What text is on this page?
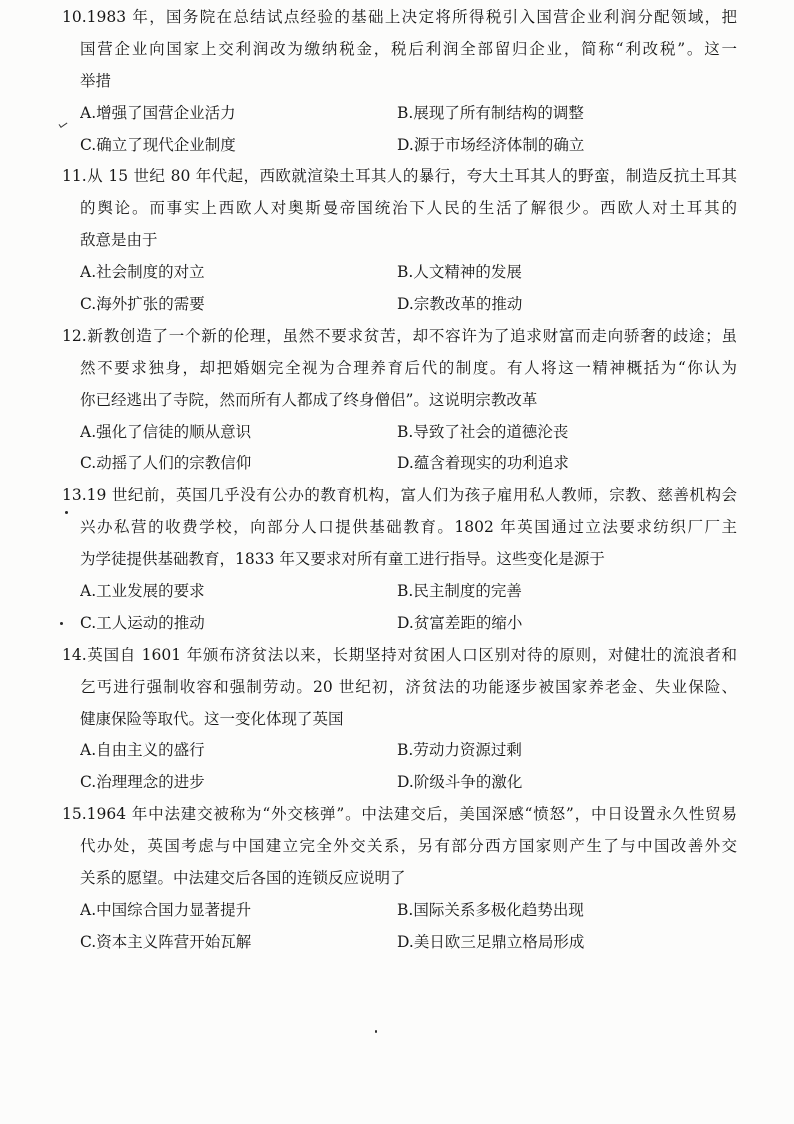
10.1983 年，国务院在总结试点经验的基础上决定将所得税引入国营企业利润分配领域，把
国营企业向国家上交利润改为缴纳税金，税后利润全部留归企业，简称“利改税”。这一
举措
A.增强了国营企业活力	B.展现了所有制结构的调整
C.确立了现代企业制度	D.源于市场经济体制的确立
11.从 15 世纪 80 年代起，西欧就渲染土耳其人的暴行，夸大土耳其人的野蛮，制造反抗土耳其
的舆论。而事实上西欧人对奥斯曼帝国统治下人民的生活了解很少。西欧人对土耳其的
敌意是由于
A.社会制度的对立	B.人文精神的发展
C.海外扩张的需要	D.宗教改革的推动
12.新教创造了一个新的伦理，虽然不要求贫苦，却不容许为了追求财富而走向骄奢的歧途；虽
然不要求独身，却把婚姻完全视为合理养育后代的制度。有人将这一精神概括为“你认为
你已经逃出了寺院，然而所有人都成了终身僧侣”。这说明宗教改革
A.强化了信徒的顺从意识	B.导致了社会的道德沦丧
C.动摇了人们的宗教信仰	D.蕴含着现实的功利追求
13.19 世纪前，英国几乎没有公办的教育机构，富人们为孩子雇用私人教师，宗教、慈善机构会
兴办私营的收费学校，向部分人口提供基础教育。1802 年英国通过立法要求纺织厂厂主
为学徒提供基础教育，1833 年又要求对所有童工进行指导。这些变化是源于
A.工业发展的要求	B.民主制度的完善
C.工人运动的推动	D.贫富差距的缩小
14.英国自 1601 年颁布济贫法以来，长期坚持对贫困人口区别对待的原则，对健壮的流浪者和
乞丐进行强制收容和强制劳动。20 世纪初，济贫法的功能逐步被国家养老金、失业保险、
健康保险等取代。这一变化体现了英国
A.自由主义的盛行	B.劳动力资源过剩
C.治理理念的进步	D.阶级斗争的激化
15.1964 年中法建交被称为“外交核弹”。中法建交后，美国深感“愤怒”，中日设置永久性贸易
代办处，英国考虑与中国建立完全外交关系，另有部分西方国家则产生了与中国改善外交
关系的愿望。中法建交后各国的连锁反应说明了
A.中国综合国力显著提升	B.国际关系多极化趋势出现
C.资本主义阵营开始瓦解	D.美日欧三足鼎立格局形成
